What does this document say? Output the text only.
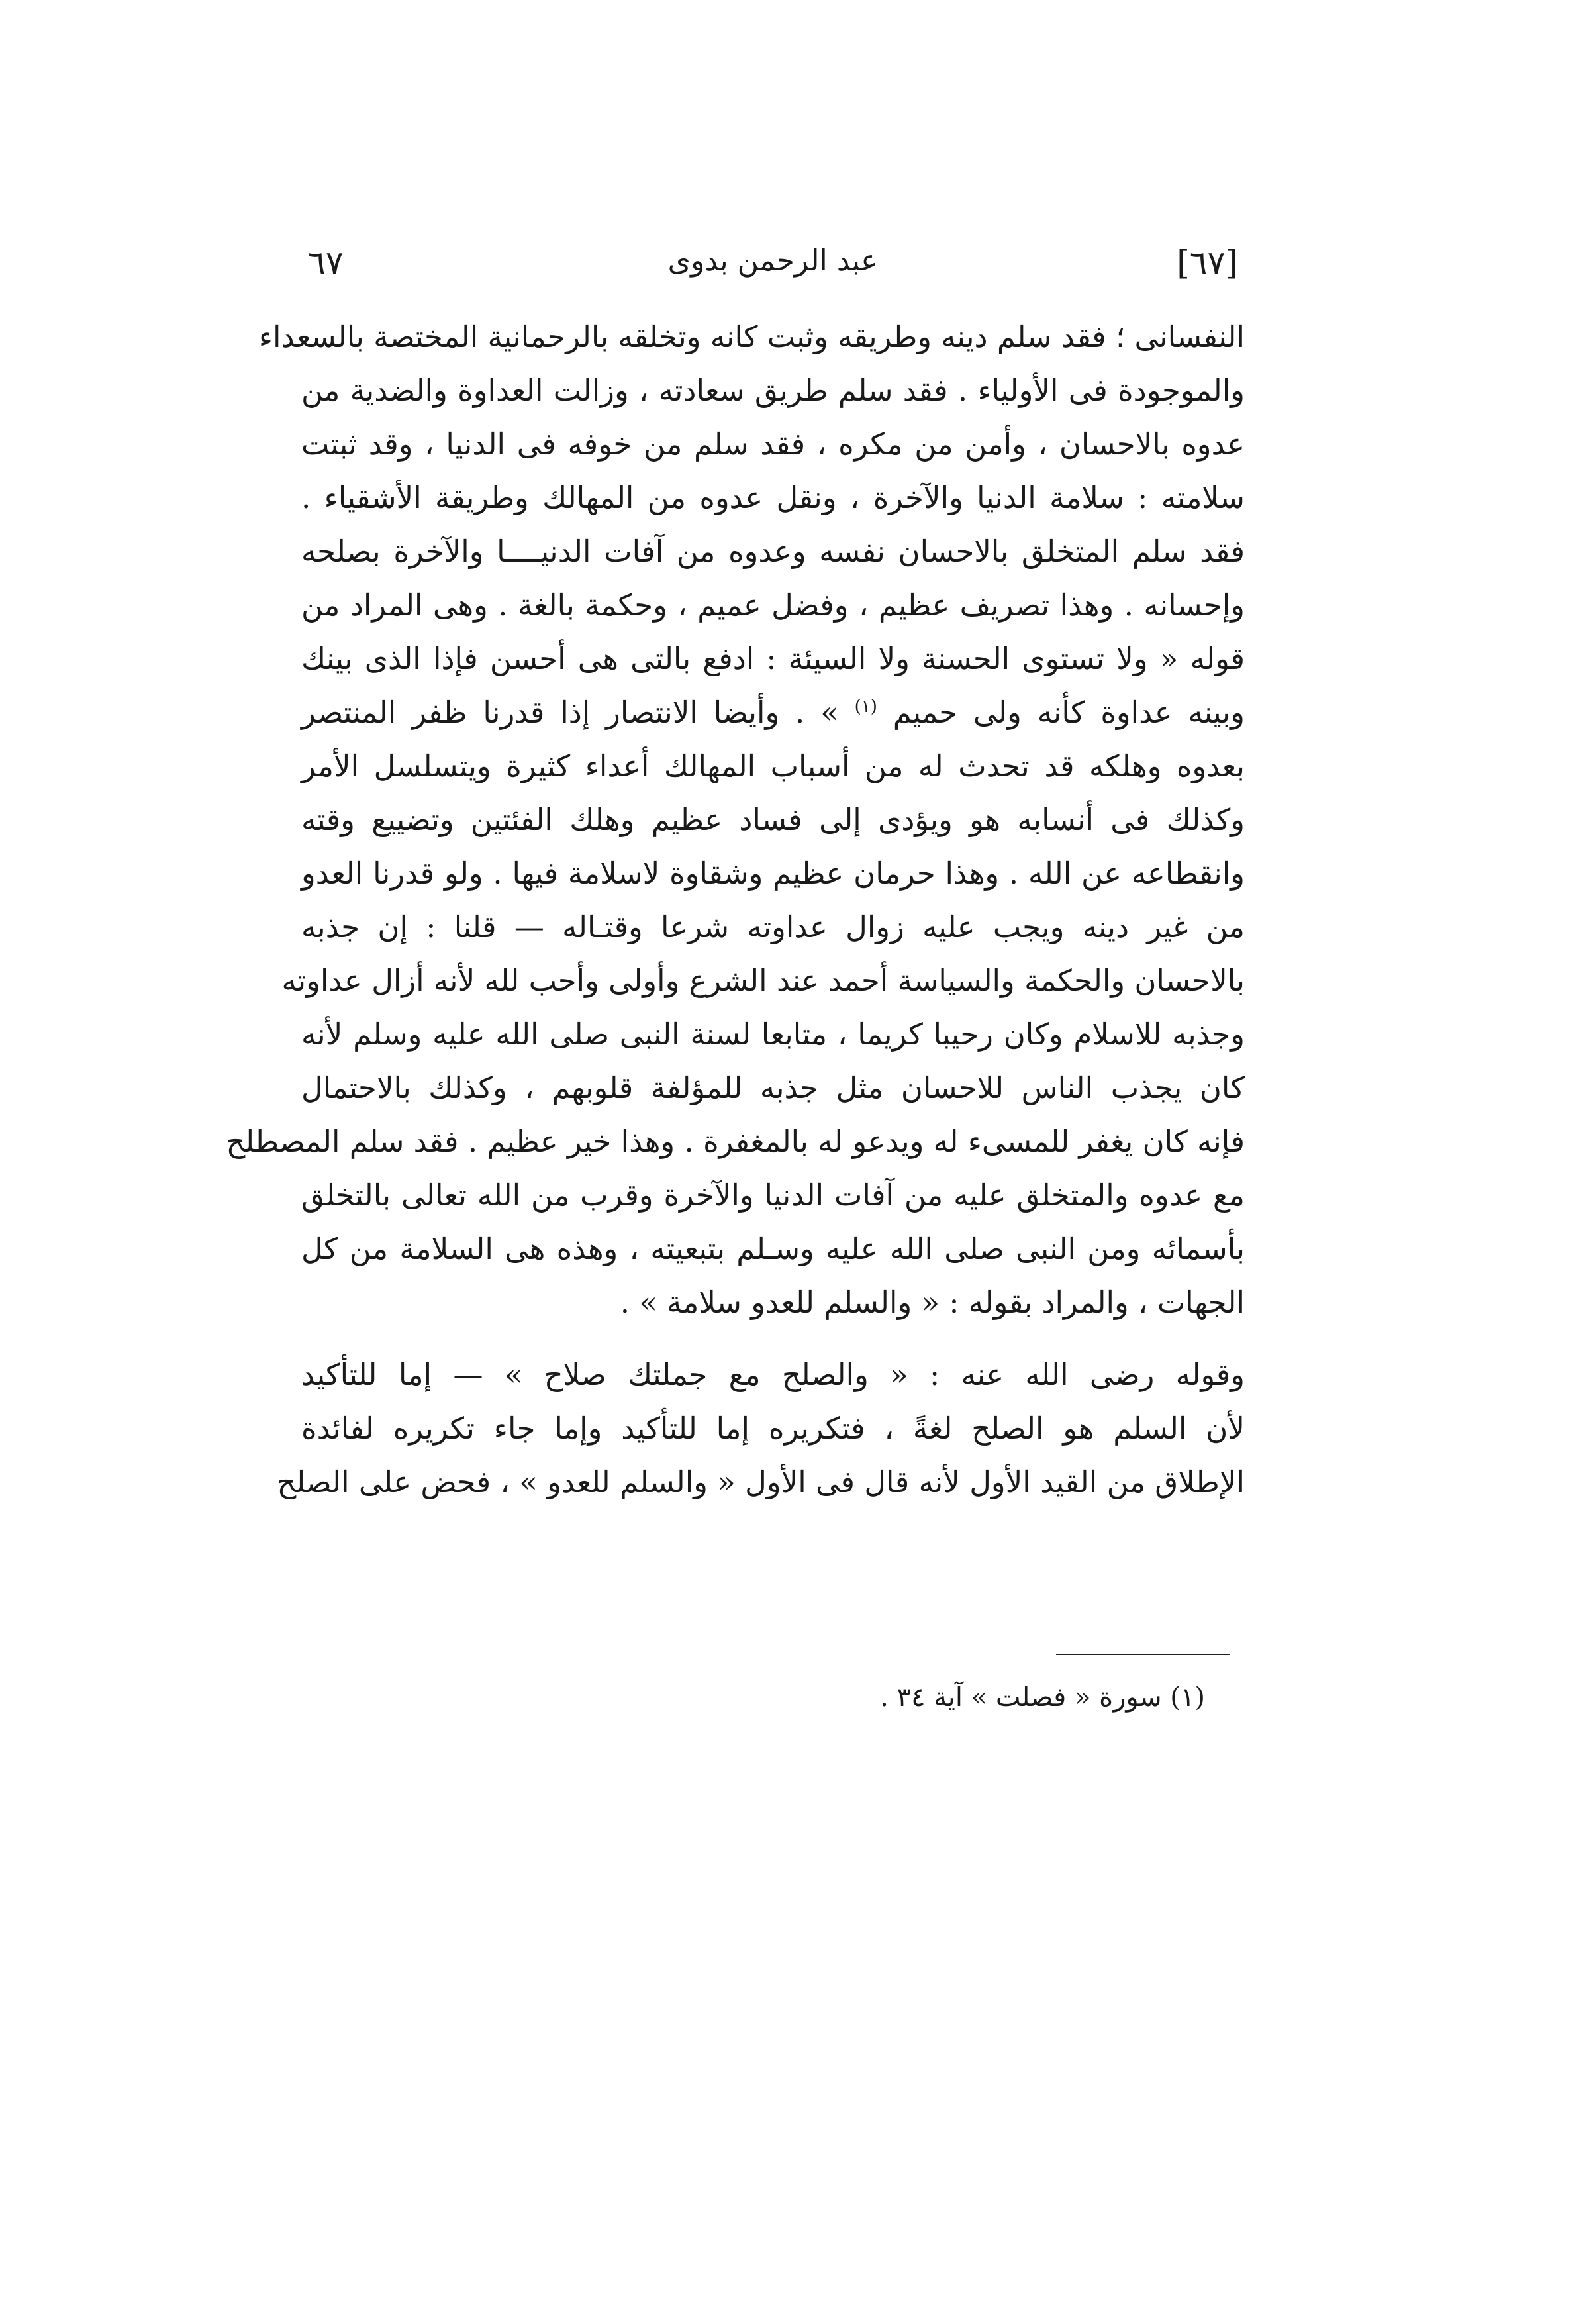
٦٧	عبد الرحمن بدوى	[٦٧]
النفسانى ؛ فقد سلم دينه وطريقه وثبت كانه وتخلقه بالرحمانية المختصة بالسعداء
والموجودة فى الأولياء . فقد سلم طريق سعادته ، وزالت العداوة والضدية من
عدوه بالاحسان ، وأمن من مكره ، فقد سلم من خوفه فى الدنيا ، وقد ثبتت
سلامته : سلامة الدنيا والآخرة ، ونقل عدوه من المهالك وطريقة الأشقياء .
فقد سلم المتخلق بالاحسان نفسه وعدوه من آفات الدنيــــا والآخرة بصلحه
وإحسانه . وهذا تصريف عظيم ، وفضل عميم ، وحكمة بالغة . وهى المراد من
قوله « ولا تستوى الحسنة ولا السيئة : ادفع بالتى هى أحسن فإذا الذى بينك
وبينه عداوة كأنه ولى حميم $^{(١)}$ » . وأيضا الانتصار إذا قدرنا ظفر المنتصر
بعدوه وهلكه قد تحدث له من أسباب المهالك أعداء كثيرة ويتسلسل الأمر
وكذلك فى أنسابه هو ويؤدى إلى فساد عظيم وهلك الفئتين وتضييع وقته
وانقطاعه عن الله . وهذا حرمان عظيم وشقاوة لاسلامة فيها . ولو قدرنا العدو
من غير دينه ويجب عليه زوال عداوته شرعا وقتـاله — قلنا : إن جذبه
بالاحسان والحكمة والسياسة أحمد عند الشرع وأولى وأحب لله لأنه أزال عداوته
وجذبه للاسلام وكان رحيبا كريما ، متابعا لسنة النبى صلى الله عليه وسلم لأنه
كان يجذب الناس للاحسان مثل جذبه للمؤلفة قلوبهم ، وكذلك بالاحتمال
فإنه كان يغفر للمسىء له ويدعو له بالمغفرة . وهذا خير عظيم . فقد سلم المصطلح
مع عدوه والمتخلق عليه من آفات الدنيا والآخرة وقرب من الله تعالى بالتخلق
بأسمائه ومن النبى صلى الله عليه وسـلم بتبعيته ، وهذه هى السلامة من كل
الجهات ، والمراد بقوله : « والسلم للعدو سلامة » .
وقوله رضى الله عنه : « والصلح مع جملتك صلاح » — إما للتأكيد
لأن السلم هو الصلح لغةً ، فتكريره إما للتأكيد وإما جاء تكريره لفائدة
الإطلاق من القيد الأول لأنه قال فى الأول « والسلم للعدو » ، فحض على الصلح
(١) سورة « فصلت » آية ٣٤ .
